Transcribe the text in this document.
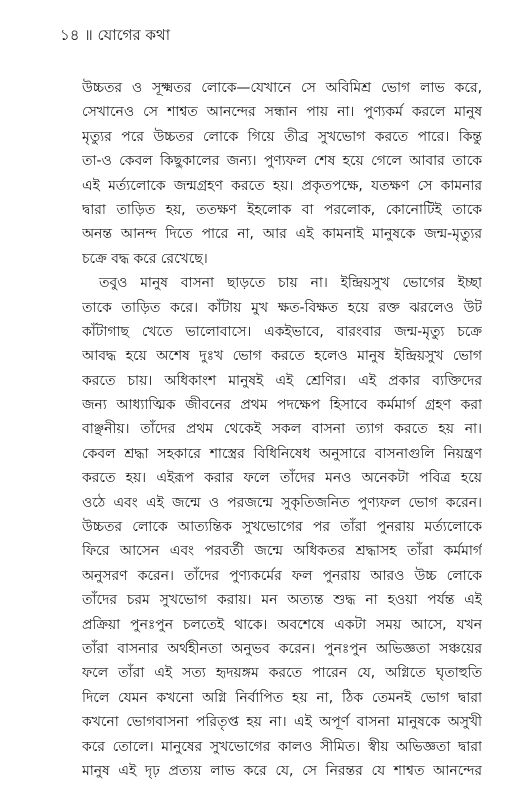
১৪ ॥ যোগের কথা
উচ্চতর ও সূক্ষ্মতর লোকে—যেখানে সে অবিমিশ্র ভোগ লাভ করে,
সেখানেও সে শাশ্বত আনন্দের সন্ধান পায় না। পুণ্যকর্ম করলে মানুষ
মৃত্যুর পরে উচ্চতর লোকে গিয়ে তীব্র সুখভোগ করতে পারে। কিন্তু
তা-ও কেবল কিছুকালের জন্য। পুণ্যফল শেষ হয়ে গেলে আবার তাকে
এই মর্ত্যলোকে জন্মগ্রহণ করতে হয়। প্রকৃতপক্ষে, যতক্ষণ সে কামনার
দ্বারা তাড়িত হয়, ততক্ষণ ইহলোক বা পরলোক, কোনোটিই তাকে
অনন্ত আনন্দ দিতে পারে না, আর এই কামনাই মানুষকে জন্ম-মৃত্যুর
চক্রে বদ্ধ করে রেখেছে।
তবুও মানুষ বাসনা ছাড়তে চায় না। ইন্দ্রিয়সুখ ভোগের ইচ্ছা
তাকে তাড়িত করে। কাঁটায় মুখ ক্ষত-বিক্ষত হয়ে রক্ত ঝরলেও উট
কাঁটাগাছ খেতে ভালোবাসে। একইভাবে, বারংবার জন্ম-মৃত্যু চক্রে
আবদ্ধ হয়ে অশেষ দুঃখ ভোগ করতে হলেও মানুষ ইন্দ্রিয়সুখ ভোগ
করতে চায়। অধিকাংশ মানুষই এই শ্রেণির। এই প্রকার ব্যক্তিদের
জন্য আধ্যাত্মিক জীবনের প্রথম পদক্ষেপ হিসাবে কর্মমার্গ গ্রহণ করা
বাঞ্ছনীয়। তাঁদের প্রথম থেকেই সকল বাসনা ত্যাগ করতে হয় না।
কেবল শ্রদ্ধা সহকারে শাস্ত্রের বিধিনিষেধ অনুসারে বাসনাগুলি নিয়ন্ত্রণ
করতে হয়। এইরূপ করার ফলে তাঁদের মনও অনেকটা পবিত্র হয়ে
ওঠে এবং এই জন্মে ও পরজন্মে সুকৃতিজনিত পুণ্যফল ভোগ করেন।
উচ্চতর লোকে আত্যন্তিক সুখভোগের পর তাঁরা পুনরায় মর্ত্যলোকে
ফিরে আসেন এবং পরবর্তী জন্মে অধিকতর শ্রদ্ধাসহ তাঁরা কর্মমার্গ
অনুসরণ করেন। তাঁদের পুণ্যকর্মের ফল পুনরায় আরও উচ্চ লোকে
তাঁদের চরম সুখভোগ করায়। মন অত্যন্ত শুদ্ধ না হওয়া পর্যন্ত এই
প্রক্রিয়া পুনঃপুন চলতেই থাকে। অবশেষে একটা সময় আসে, যখন
তাঁরা বাসনার অর্থহীনতা অনুভব করেন। পুনঃপুন অভিজ্ঞতা সঞ্চয়ের
ফলে তাঁরা এই সত্য হৃদয়ঙ্গম করতে পারেন যে, অগ্নিতে ঘৃতাহুতি
দিলে যেমন কখনো অগ্নি নির্বাপিত হয় না, ঠিক তেমনই ভোগ দ্বারা
কখনো ভোগবাসনা পরিতৃপ্ত হয় না। এই অপূর্ণ বাসনা মানুষকে অসুখী
করে তোলে। মানুষের সুখভোগের কালও সীমিত। স্বীয় অভিজ্ঞতা দ্বারা
মানুষ এই দৃঢ় প্রত্যয় লাভ করে যে, সে নিরন্তর যে শাশ্বত আনন্দের
